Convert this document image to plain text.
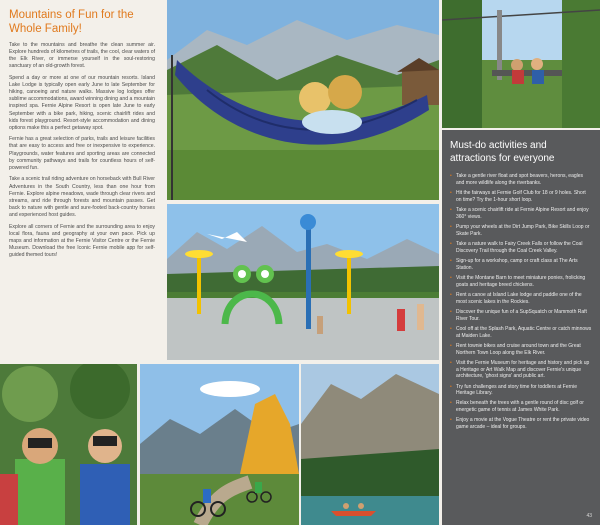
Mountains of Fun for the
Whole Family!

Take to the mountains and breathe the clean summer air. Explore hundreds of kilometres of trails, the cool, clear waters of the Elk River, or immerse yourself in the soul-restoring sanctuary of an old-growth forest.

Spend a day or more at one of our mountain resorts. Island Lake Lodge is typically open early June to late September for hiking, canoeing and nature walks. Massive log lodges offer sublime accommodations, award winning dining and a mountain inspired spa. Fernie Alpine Resort is open late June to early September with a bike park, hiking, scenic chairlift rides and kids forest playground. Resort-style accommodation and dining options make this a perfect getaway spot.

Fernie has a great selection of parks, trails and leisure facilities that are easy to access and free or inexpensive to experience. Playgrounds, water features and sporting areas are connected by community pathways and trails for countless hours of self-powered fun.

Take a scenic trail riding adventure on horseback with Bull River Adventures in the South Country, less than one hour from Fernie. Explore alpine meadows, wade through clear rivers and streams, and ride through forests and mountain passes. Get back to nature with gentle and sure-footed back-country horses and experienced host guides.

Explore all corners of Fernie and the surrounding area to enjoy local flora, fauna and geography at your own pace. Pick up maps and information at the Fernie Visitor Centre or the Fernie Museum. Download the free Iconic Fernie mobile app for self-guided themed tours!

Must-do activities and
attractions for everyone
• Take a gentle river float and spot beavers, herons, eagles and more wildlife along the riverbanks.
• Hit the fairways at Fernie Golf Club for 18 or 9 holes. Short on time? Try the 1-hour short loop.
• Take a scenic chairlift ride at Fernie Alpine Resort and enjoy 360° views.
• Pump your wheels at the Dirt Jump Park, Bike Skills Loop or Skate Park.
• Take a nature walk to Fairy Creek Falls or follow the Coal Discovery Trail through the Coal Creek Valley.
• Sign-up for a workshop, camp or craft class at The Arts Station.
• Visit the Montane Barn to meet miniature ponies, frolicking goats and heritage breed chickens.
• Rent a canoe at Island Lake lodge and paddle one of the most scenic lakes in the Rockies.
• Discover the unique fun of a SupSquatch or Mammoth Raft River Tour.
• Cool off at the Splash Park, Aquatic Centre or catch minnows at Maiden Lake.
• Rent townie bikes and cruise around town and the Great Northern Town Loop along the Elk River.
• Visit the Fernie Museum for heritage and history and pick up a Heritage or Art Walk Map and discover Fernie's unique architecture, 'ghost signs' and public art.
• Try fun challenges and story time for toddlers at Fernie Heritage Library.
• Relax beneath the trees with a gentle round of disc golf or energetic game of tennis at James White Park.
• Enjoy a movie at the Vogue Theatre or rent the private video game arcade – ideal for groups.
43
